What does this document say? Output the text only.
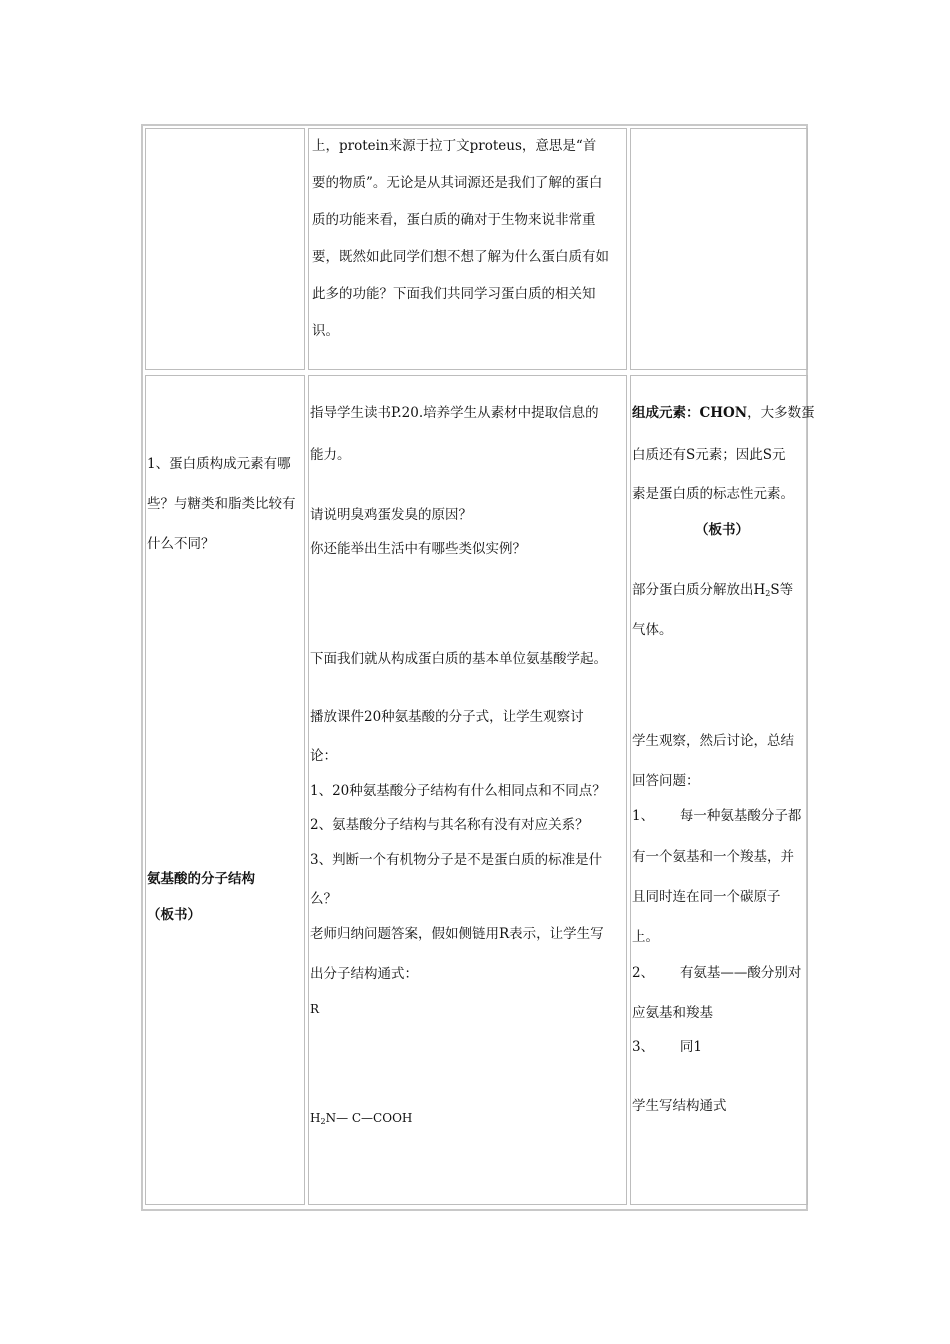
上，protein来源于拉丁文proteus，意思是“首
要的物质”。无论是从其词源还是我们了解的蛋白
质的功能来看，蛋白质的确对于生物来说非常重
要，既然如此同学们想不想了解为什么蛋白质有如
此多的功能？下面我们共同学习蛋白质的相关知
识。
1、蛋白质构成元素有哪
些？与糖类和脂类比较有
什么不同？
氨基酸的分子结构
（板书）
指导学生读书P.20.培养学生从素材中提取信息的
能力。
请说明臭鸡蛋发臭的原因？
你还能举出生活中有哪些类似实例？
下面我们就从构成蛋白质的基本单位氨基酸学起。
播放课件20种氨基酸的分子式，让学生观察讨
论：
1、20种氨基酸分子结构有什么相同点和不同点？
2、氨基酸分子结构与其名称有没有对应关系？
3、判断一个有机物分子是不是蛋白质的标准是什
么？
老师归纳问题答案，假如侧链用R表示，让学生写
出分子结构通式：
R
$H_2N—$ C—COOH
组成元素：CHON，大多数蛋
白质还有S元素；因此S元
素是蛋白质的标志性元素。
（板书）
部分蛋白质分解放出$H_2S$等
气体。
学生观察，然后讨论，总结
回答问题：
1、      每一种氨基酸分子都
有一个氨基和一个羧基，并
且同时连在同一个碳原子
上。
2、      有氨基——酸分别对
应氨基和羧基
3、      同1
学生写结构通式
